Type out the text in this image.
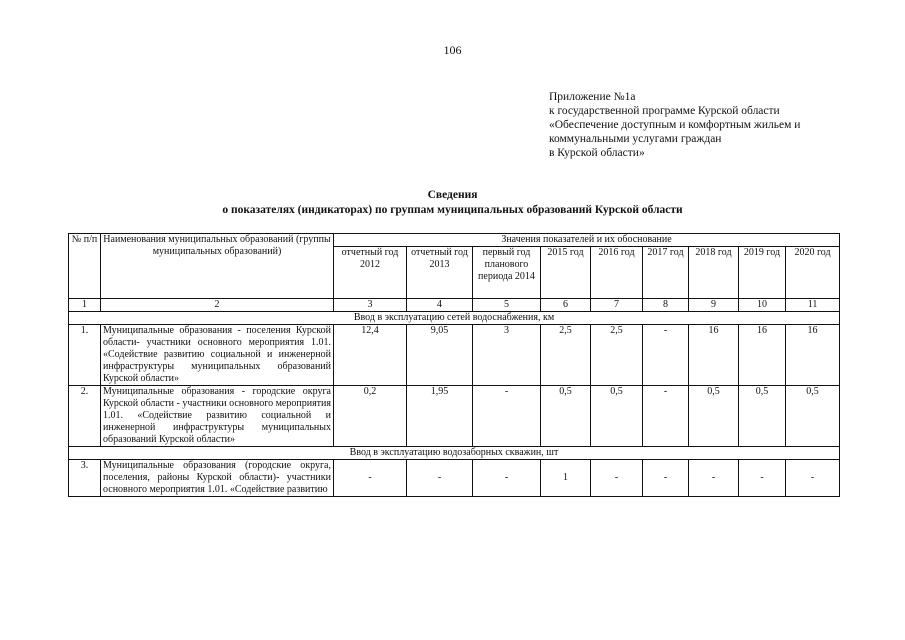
106
Приложение №1а
к государственной программе Курской области
«Обеспечение доступным и комфортным жильем и
коммунальными услугами граждан
в Курской области»
Сведения
о показателях (индикаторах) по группам муниципальных образований Курской области
№ п/п	Наименования муниципальных образований (группы муниципальных образований)	Значения показателей и их обоснование								
		отчетный год 2012	отчетный год 2013	первый год планового периода 2014	2015 год	2016 год	2017 год	2018 год	2019 год	2020 год
1	2	3	4	5	6	7	8	9	10	11
Ввод в эксплуатацию сетей водоснабжения, км										
1.	Муниципальные образования - поселения Курской области- участники основного мероприятия 1.01. «Содействие развитию социальной и инженерной инфраструктуры муниципальных образований Курской области»	12,4	9,05	3	2,5	2,5	-	16	16	16
2.	Муниципальные образования - городские округа Курской области - участники основного мероприятия 1.01. «Содействие развитию социальной и инженерной инфраструктуры муниципальных образований Курской области»	0,2	1,95	-	0,5	0,5	-	0,5	0,5	0,5
Ввод в эксплуатацию водозаборных скважин, шт										
3.	Муниципальные образования (городские округа, поселения, районы Курской области)- участники основного мероприятия 1.01. «Содействие развитию	-	-	-	1	-	-	-	-	-
